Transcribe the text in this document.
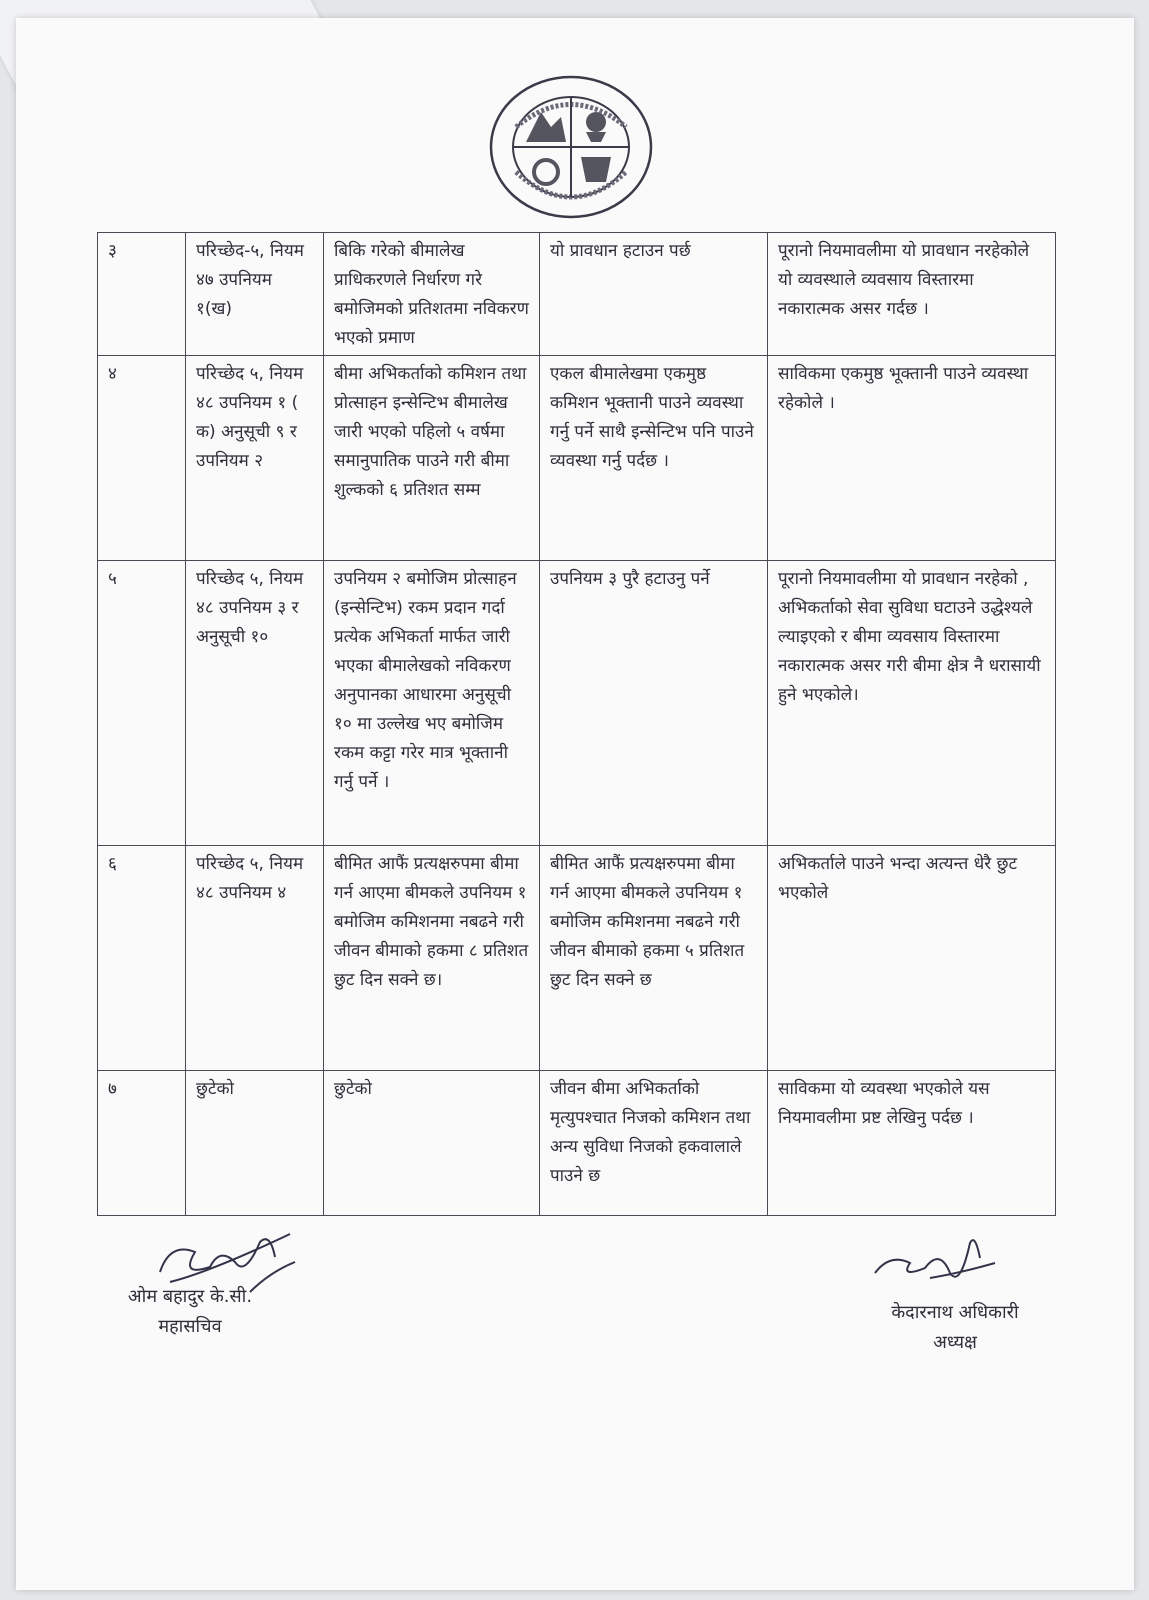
३	परिच्छेद-५, नियम ४७ उपनियम १(ख)	बिकि गरेको बीमालेख प्राधिकरणले निर्धारण गरे बमोजिमको प्रतिशतमा नविकरण भएको प्रमाण	यो प्रावधान हटाउन पर्छ	पूरानो नियमावलीमा यो प्रावधान नरहेकोले यो व्यवस्थाले व्यवसाय विस्तारमा नकारात्मक असर गर्दछ ।
४	परिच्छेद ५, नियम ४८ उपनियम १ ( क) अनुसूची ९ र उपनियम २	बीमा अभिकर्ताको कमिशन तथा प्रोत्साहन इन्सेन्टिभ बीमालेख जारी भएको पहिलो ५ वर्षमा समानुपातिक पाउने गरी बीमा शुल्कको ६ प्रतिशत सम्म	एकल बीमालेखमा एकमुष्ठ कमिशन भूक्तानी पाउने व्यवस्था गर्नु पर्ने साथै इन्सेन्टिभ पनि पाउने व्यवस्था गर्नु पर्दछ ।	साविकमा एकमुष्ठ भूक्तानी पाउने व्यवस्था रहेकोले ।
५	परिच्छेद ५, नियम ४८ उपनियम ३ र अनुसूची १०	उपनियम २ बमोजिम प्रोत्साहन (इन्सेन्टिभ) रकम प्रदान गर्दा प्रत्येक अभिकर्ता मार्फत जारी भएका बीमालेखको नविकरण अनुपानका आधारमा अनुसूची १० मा उल्लेख भए बमोजिम रकम कट्टा गरेर मात्र भूक्तानी गर्नु पर्ने ।	उपनियम ३ पुरै हटाउनु पर्ने	पूरानो नियमावलीमा यो प्रावधान नरहेको , अभिकर्ताको सेवा सुविधा घटाउने उद्धेश्यले ल्याइएको र बीमा व्यवसाय विस्तारमा नकारात्मक असर गरी बीमा क्षेत्र नै धरासायी हुने भएकोले।
६	परिच्छेद ५, नियम ४८ उपनियम ४	बीमित आफैं प्रत्यक्षरुपमा बीमा गर्न आएमा बीमकले उपनियम १ बमोजिम कमिशनमा नबढने गरी जीवन बीमाको हकमा ८ प्रतिशत छुट दिन सक्ने छ।	बीमित आफैं प्रत्यक्षरुपमा बीमा गर्न आएमा बीमकले उपनियम १ बमोजिम कमिशनमा नबढने गरी जीवन बीमाको हकमा ५ प्रतिशत छुट दिन सक्ने छ	अभिकर्ताले पाउने भन्दा अत्यन्त धेरै छुट भएकोले
७	छुटेको	छुटेको	जीवन बीमा अभिकर्ताको मृत्युपश्चात निजको कमिशन तथा अन्य सुविधा निजको हकवालाले पाउने छ	साविकमा यो व्यवस्था भएकोले यस नियमावलीमा प्रष्ट लेखिनु पर्दछ ।
ओम बहादुर के.सी.
महासचिव
केदारनाथ अधिकारी
अध्यक्ष
